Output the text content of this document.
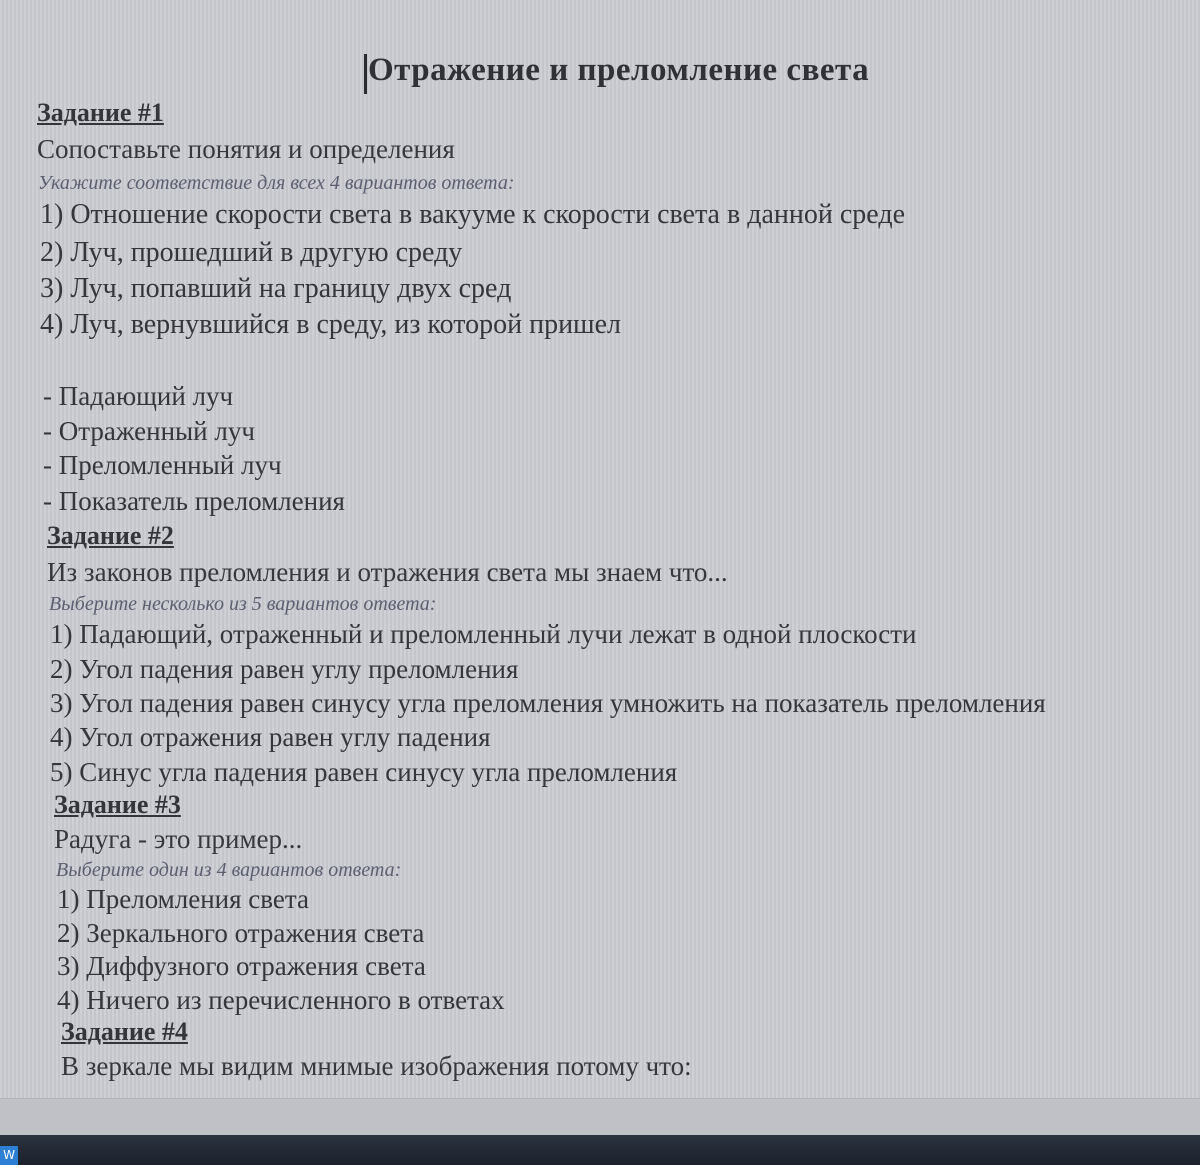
Отражение и преломление света
Задание #1
Сопоставьте понятия и определения
Укажите соответствие для всех 4 вариантов ответа:
1) Отношение скорости света в вакууме к скорости света в данной среде
2) Луч, прошедший в другую среду
3) Луч, попавший на границу двух сред
4) Луч, вернувшийся в среду, из которой пришел
- Падающий луч
- Отраженный луч
- Преломленный луч
- Показатель преломления
Задание #2
Из законов преломления и отражения света мы знаем что...
Выберите несколько из 5 вариантов ответа:
1) Падающий, отраженный и преломленный лучи лежат в одной плоскости
2) Угол падения равен углу преломления
3) Угол падения равен синусу угла преломления умножить на показатель преломления
4) Угол отражения равен углу падения
5) Синус угла падения равен синусу угла преломления
Задание #3
Радуга - это пример...
Выберите один из 4 вариантов ответа:
1) Преломления света
2) Зеркального отражения света
3) Диффузного отражения света
4) Ничего из перечисленного в ответах
Задание #4
В зеркале мы видим мнимые изображения потому что:
W
